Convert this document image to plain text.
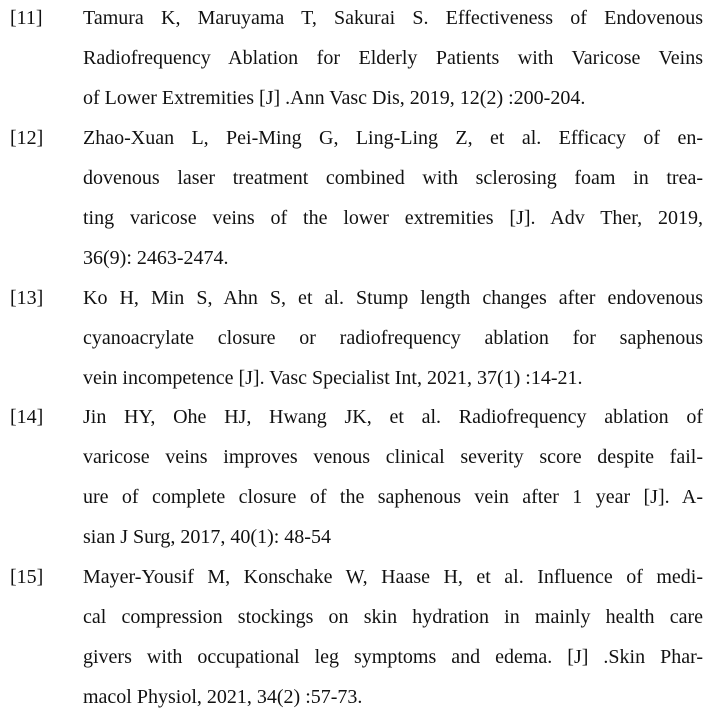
[11] Tamura K, Maruyama T, Sakurai S. Effectiveness of Endovenous
Radiofrequency Ablation for Elderly Patients with Varicose Veins
of Lower Extremities [J] .Ann Vasc Dis, 2019, 12(2) :200-204.
[12] Zhao-Xuan L, Pei-Ming G, Ling-Ling Z, et al. Efficacy of en-
dovenous laser treatment combined with sclerosing foam in trea-
ting varicose veins of the lower extremities [J]. Adv Ther, 2019,
36(9): 2463-2474.
[13] Ko H, Min S, Ahn S, et al. Stump length changes after endovenous
cyanoacrylate closure or radiofrequency ablation for saphenous
vein incompetence [J]. Vasc Specialist Int, 2021, 37(1) :14-21.
[14] Jin HY, Ohe HJ, Hwang JK, et al. Radiofrequency ablation of
varicose veins improves venous clinical severity score despite fail-
ure of complete closure of the saphenous vein after 1 year [J]. A-
sian J Surg, 2017, 40(1): 48-54
[15] Mayer-Yousif M, Konschake W, Haase H, et al. Influence of medi-
cal compression stockings on skin hydration in mainly health care
givers with occupational leg symptoms and edema. [J] .Skin Phar-
macol Physiol, 2021, 34(2) :57-73.
